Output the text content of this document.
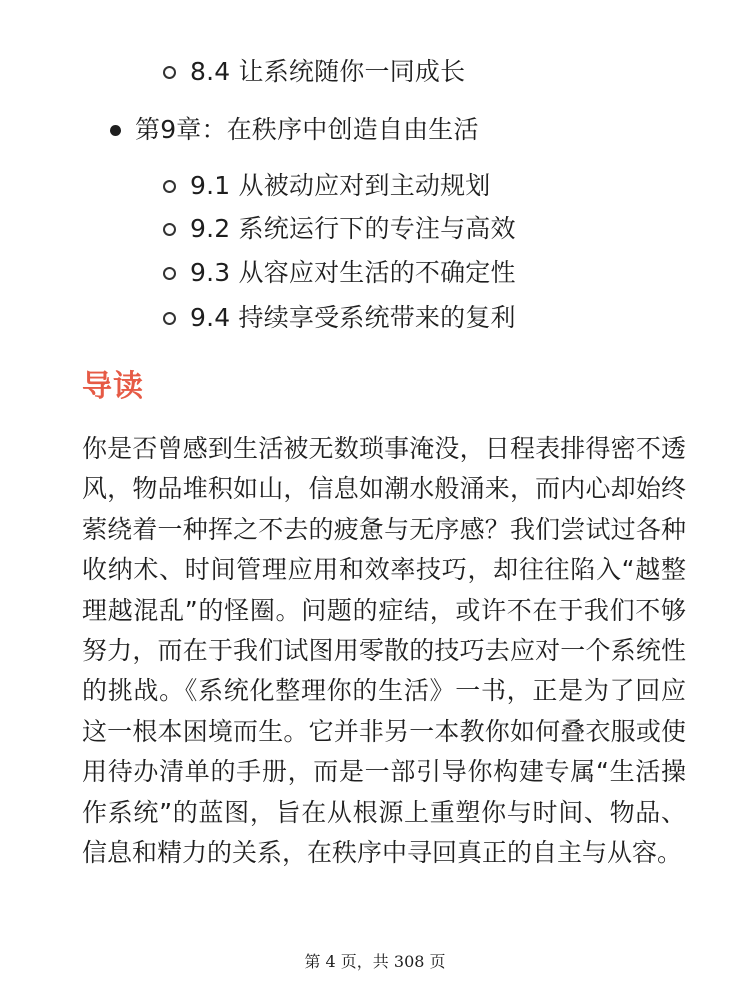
8.4 让系统随你一同成长
第9章：在秩序中创造自由生活
9.1 从被动应对到主动规划
9.2 系统运行下的专注与高效
9.3 从容应对生活的不确定性
9.4 持续享受系统带来的复利
导读

你是否曾感到生活被无数琐事淹没，日程表排得密不透风，物品堆积如山，信息如潮水般涌来，而内心却始终萦绕着一种挥之不去的疲惫与无序感？我们尝试过各种收纳术、时间管理应用和效率技巧，却往往陷入“越整理越混乱”的怪圈。问题的症结，或许不在于我们不够努力，而在于我们试图用零散的技巧去应对一个系统性的挑战。《系统化整理你的生活》一书，正是为了回应这一根本困境而生。它并非另一本教你如何叠衣服或使用待办清单的手册，而是一部引导你构建专属“生活操作系统”的蓝图，旨在从根源上重塑你与时间、物品、信息和精力的关系，在秩序中寻回真正的自主与从容。

第 4 页，共 308 页
